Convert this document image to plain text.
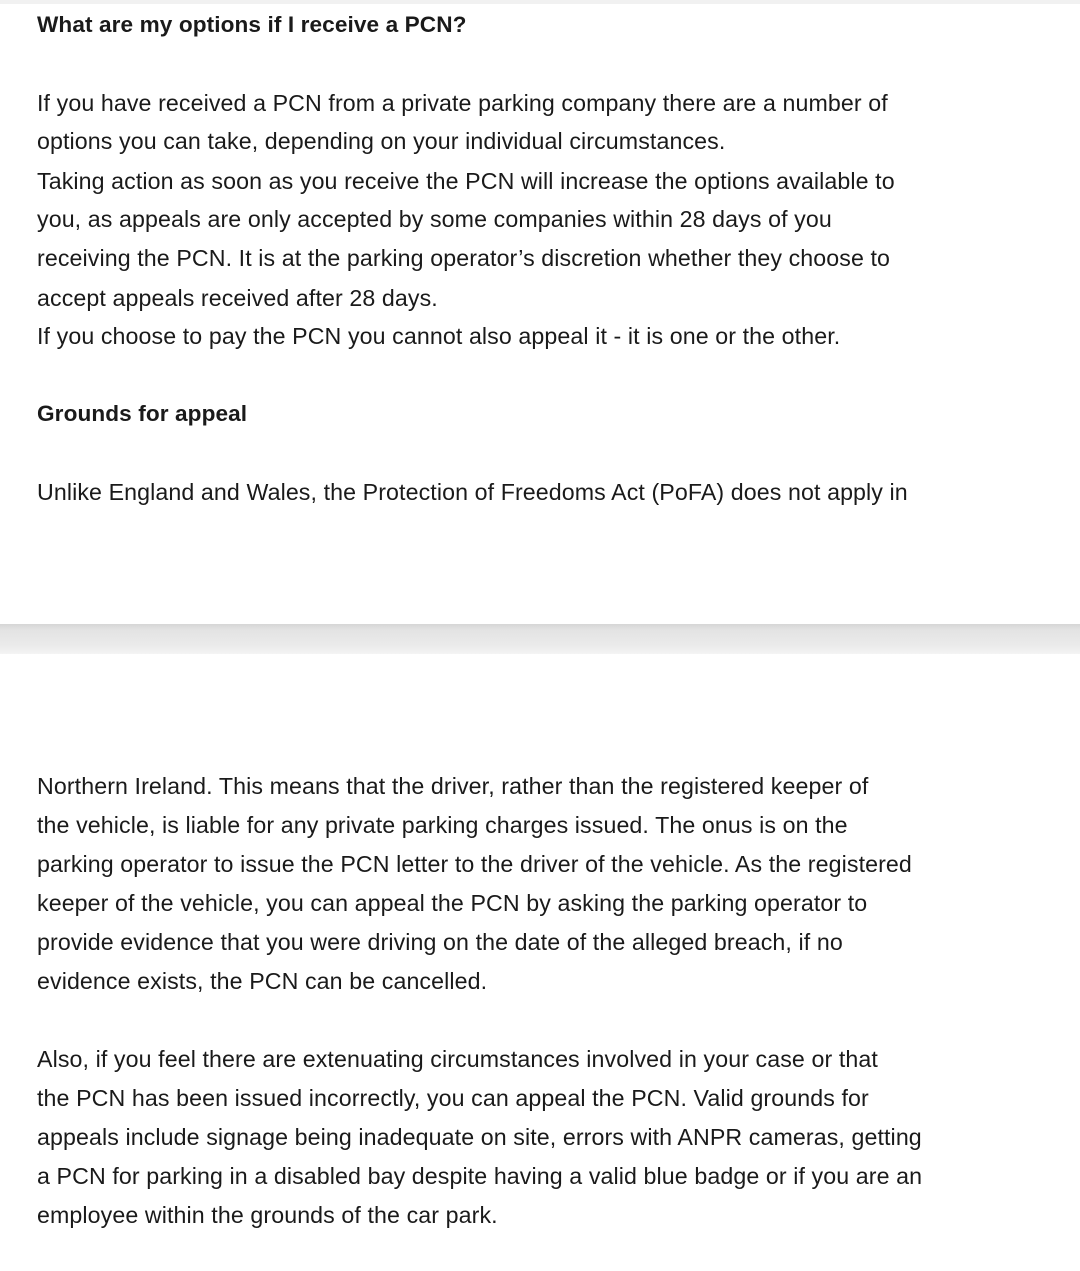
What are my options if I receive a PCN?
If you have received a PCN from a private parking company there are a number of
options you can take, depending on your individual circumstances.
Taking action as soon as you receive the PCN will increase the options available to
you, as appeals are only accepted by some companies within 28 days of you
receiving the PCN. It is at the parking operator’s discretion whether they choose to
accept appeals received after 28 days.
If you choose to pay the PCN you cannot also appeal it - it is one or the other.
Grounds for appeal
Unlike England and Wales, the Protection of Freedoms Act (PoFA) does not apply in
Northern Ireland. This means that the driver, rather than the registered keeper of
the vehicle, is liable for any private parking charges issued. The onus is on the
parking operator to issue the PCN letter to the driver of the vehicle. As the registered
keeper of the vehicle, you can appeal the PCN by asking the parking operator to
provide evidence that you were driving on the date of the alleged breach, if no
evidence exists, the PCN can be cancelled.
Also, if you feel there are extenuating circumstances involved in your case or that
the PCN has been issued incorrectly, you can appeal the PCN. Valid grounds for
appeals include signage being inadequate on site, errors with ANPR cameras, getting
a PCN for parking in a disabled bay despite having a valid blue badge or if you are an
employee within the grounds of the car park.
